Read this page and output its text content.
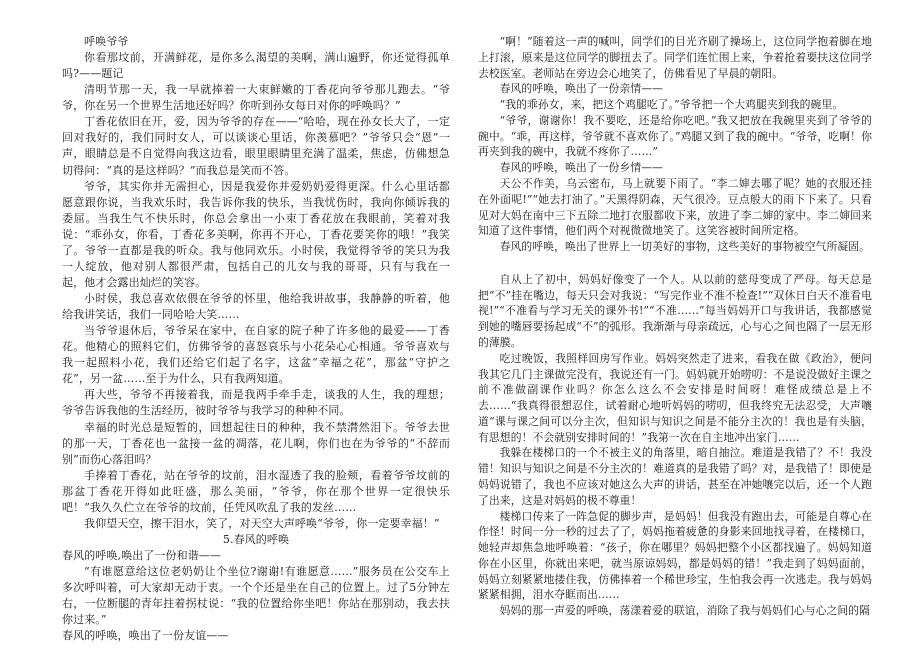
呼唤爷爷

你看那坟前，开满鲜花，是你多么渴望的美啊，满山遍野，你还觉得孤单吗?——题记

清明节那一天，我一早就捧着一大束鲜嫩的丁香花向爷爷那儿跑去。“爷爷，你在另一个世界生活地还好吗？你听到孙女每日对你的呼唤吗？”

丁香花依旧在开，爱，因为爷爷的存在——“哈哈，现在孙女长大了，一定回对我好的，我们同时女人，可以谈谈心里话，你羡慕吧？”爷爷只会“恩”一声，眼睛总是不自觉得向我这边看，眼里眼睛里充满了温柔，焦虑，仿佛想急切得问：“真的是这样吗？”而我总是笑而不答。

爷爷，其实你并无需担心，因是我爱你并爱奶奶爱得更深。什么心里话都愿意跟你说，当我欢乐时，我告诉你我的快乐，当我忧伤时，我向你倾诉我的委屈。当我生气不快乐时，你总会拿出一小束丁香花放在我眼前，笑着对我说：“乖孙女，你看，丁香花多美啊，你再不开心，丁香花要笑你的哦！”我笑了。爷爷一直都是我的听众。我与他同欢乐。小时侯，我觉得爷爷的笑只为我一人绽放，他对别人都很严肃，包括自己的儿女与我的哥哥，只有与我在一起，他才会露出灿烂的笑容。

小时侯，我总喜欢依偎在爷爷的怀里，他给我讲故事，我静静的听着，他给我讲笑话，我们一同哈哈大笑……

当爷爷退休后，爷爷呆在家中，在自家的院子种了许多他的最爱——丁香花。他精心的照料它们，仿佛爷爷的喜怒哀乐与小花朵心心相通。爷爷喜欢与我一起照料小花，我们还给它们起了名字，这盆“幸福之花”，那盆“守护之花”，另一盆……至于为什么，只有我两知道。

再大些，爷爷不再接着我，而是我两手牵手走，谈我的人生，我的理想；爷爷告诉我他的生活经历，彼时爷爷与我学习的种种不同。

幸福的时光总是短暂的，回想起往日的种种，我不禁潸然泪下。爷爷去世的那一天，丁香花也一盆接一盆的凋落，花儿啊，你们也在为爷爷的“不辞而别”而伤心落泪吗？

手捧着丁香花，站在爷爷的坟前，泪水湿透了我的脸颊，看着爷爷坟前的那盆丁香花开得如此旺盛，那么美丽，“爷爷，你在那个世界一定很快乐吧！”我久久伫立在爷爷的坟前，任凭风吹乱了我的发丝……

我仰望天空，擦干泪水，笑了，对天空大声呼唤“爷爷，你一定要幸福！”

5.春风的呼唤

春风的呼唤,唤出了一份和谐——

“有谁愿意给这位老奶奶让个坐位?谢谢!有谁愿意……”服务员在公交车上多次呼叫着，可大家却无动于衷。一个个还是坐在自己的位置上。过了5分钟左右，一位断腿的青年拄着拐杖说：“我的位置给你坐吧！你站在那别动，我去扶你过来。”

春风的呼唤，唤出了一份友谊——

“啊！”随着这一声的喊叫，同学们的目光齐刷了操场上，这位同学抱着脚在地上打滚，原来是这位同学的脚扭去了。同学们连忙围上来，争着抢着要扶这位同学去校医室。老师站在旁边会心地笑了，仿佛看见了早晨的朝阳。

春风的呼唤，唤出了一份亲情——

“我的乖孙女，来，把这个鸡腿吃了。”爷爷把一个大鸡腿夹到我的碗里。

“爷爷，谢谢你！我不要吃，还是给你吃吧。”我又把放在我碗里夹到了爷爷的碗中。“乖，再这样，爷爷就不喜欢你了。”鸡腿又到了我的碗中。“爷爷，吃啊！你再夹到我的碗中，我就不疼你了……”

春风的呼唤，唤出了一份乡情——

天公不作美，乌云密布，马上就要下雨了。“李二婶去哪了呢？她的衣服还挂在外面呢!”“她去打油了。”天黑得阴森，天气很冷。豆点般大的雨下下来了。只看见对大妈在南中三下五除二地打衣服都收下来，放进了李二婶的家中。李二婶回来知道了这件事情，他们两个对视微微地笑了。这笑容被时间所定格。

春风的呼唤，唤出了世界上一切美好的事物，这些美好的事物被空气所凝固。

自从上了初中，妈妈好像变了一个人。从以前的慈母变成了严母。每天总是把“不”挂在嘴边，每天只会对我说：“写完作业不准不检查!”“双休日白天不准看电视!”“不准看与学习无关的课外书!”“不准……”每当妈妈开口与我讲话，我都感觉到她的嘴唇要扬起成“不”的弧形。我渐渐与母亲疏远，心与心之间也隔了一层无形的薄膜。

吃过晚饭，我照样回房写作业。妈妈突然走了进来，看我在做《政治》，便问我其它几门主课做完没有，我说还有一门。妈妈就开始唠叨：不是说没做好主课之前不准做副课作业吗？你怎么这么不会安排是时间呀！难怪成绩总是上不去……“我真得很想忍住，试着耐心地听妈妈的唠叨，但我终究无法忍受，大声嚷道“课与课之间可以分主次，但知识与知识之间是不能分主次的！我也是有头脑，有思想的！不会就别安排时间的！”我第一次在自主地冲出家门……

我躲在楼梯口的一个不被主义的角落里，暗自抽泣。难道是我错了？不！我没错！知识与知识之间是不分主次的！难道真的是我错了吗？对，是我错了！即使是妈妈说错了，我也不应该对她这么大声的讲话，甚至在冲她嚷完以后，还一个人跑了出来，这是对妈妈的极不尊重！

楼梯口传来了一阵急促的脚步声，是妈妈！但我没有跑出去，可能是自尊心在作怪！时间一分一秒的过去了了，妈妈拖着疲惫的身影来回地找寻着，在楼梯口，她轻声却焦急地呼唤着：“孩子，你在哪里？妈妈把整个小区都找遍了。妈妈知道你在小区里，你就出来吧，就当原谅妈妈，都是妈妈的错！”我走到了妈妈面前，妈妈立刻紧紧地搂住我，仿佛捧着一个稀世珍宝，生怕我会再一次逃走。我与妈妈紧紧相拥，泪水夺眶而出……

妈妈的那一声爱的呼唤，荡漾着爱的联谊，消除了我与妈妈们心与心之间的隔
